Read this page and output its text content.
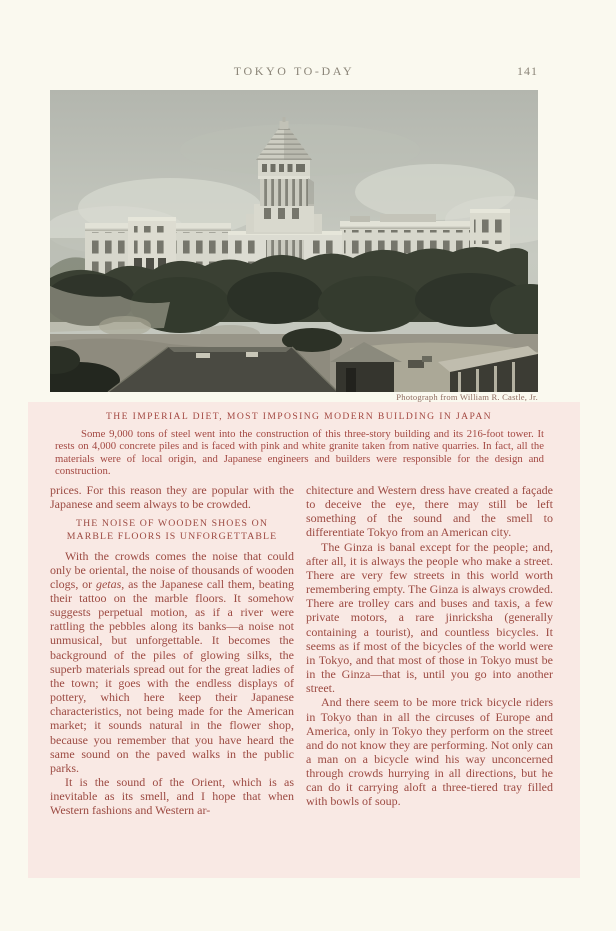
TOKYO TO-DAY	141
Photograph from William R. Castle, Jr.
THE IMPERIAL DIET, MOST IMPOSING MODERN BUILDING IN JAPAN

Some 9,000 tons of steel went into the construction of this three-story building and its 216-foot tower. It rests on 4,000 concrete piles and is faced with pink and white granite taken from native quarries. In fact, all the materials were of local origin, and Japanese engineers and builders were responsible for the design and construction.

prices. For this reason they are popular with the Japanese and seem always to be crowded.

THE NOISE OF WOODEN SHOES ON MARBLE FLOORS IS UNFORGETTABLE

With the crowds comes the noise that could only be oriental, the noise of thousands of wooden clogs, or getas, as the Japanese call them, beating their tattoo on the marble floors. It somehow suggests perpetual motion, as if a river were rattling the pebbles along its banks—a noise not unmusical, but unforgettable. It becomes the background of the piles of glowing silks, the superb materials spread out for the great ladies of the town; it goes with the endless displays of pottery, which here keep their Japanese characteristics, not being made for the American market; it sounds natural in the flower shop, because you remember that you have heard the same sound on the paved walks in the public parks.

It is the sound of the Orient, which is as inevitable as its smell, and I hope that when Western fashions and Western ar-

chitecture and Western dress have created a façade to deceive the eye, there may still be left something of the sound and the smell to differentiate Tokyo from an American city.

The Ginza is banal except for the people; and, after all, it is always the people who make a street. There are very few streets in this world worth remembering empty. The Ginza is always crowded. There are trolley cars and buses and taxis, a few private motors, a rare jinricksha (generally containing a tourist), and countless bicycles. It seems as if most of the bicycles of the world were in Tokyo, and that most of those in Tokyo must be in the Ginza—that is, until you go into another street.

And there seem to be more trick bicycle riders in Tokyo than in all the circuses of Europe and America, only in Tokyo they perform on the street and do not know they are performing. Not only can a man on a bicycle wind his way unconcerned through crowds hurrying in all directions, but he can do it carrying aloft a three-tiered tray filled with bowls of soup.
